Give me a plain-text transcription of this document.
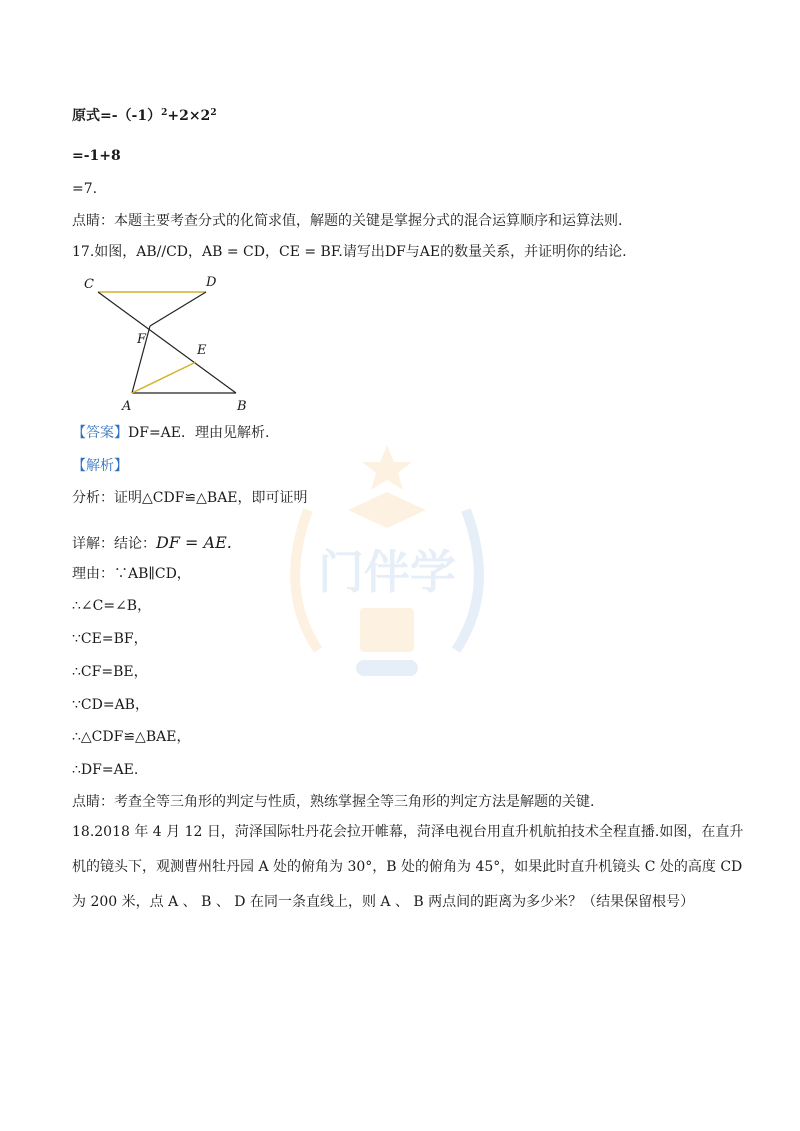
门伴学
原式$=-(-1)^2+2\times 2^2$
=-1+8
=7.
点睛：本题主要考查分式的化简求值，解题的关键是掌握分式的混合运算顺序和运算法则.
17.如图，AB//CD，AB = CD，CE = BF.请写出DF与AE的数量关系，并证明你的结论.
C	D
F
E
A	B
【答案】DF=AE．理由见解析.
【解析】
分析：证明△CDF≌△BAE，即可证明
详解：结论：DF = AE.
理由：∵AB∥CD，
∴∠C=∠B，
∵CE=BF，
∴CF=BE，
∵CD=AB，
∴△CDF≌△BAE，
∴DF=AE.
点睛：考查全等三角形的判定与性质，熟练掌握全等三角形的判定方法是解题的关键.
18.2018 年 4 月 12 日，菏泽国际牡丹花会拉开帷幕，菏泽电视台用直升机航拍技术全程直播.如图，在直升
机的镜头下，观测曹州牡丹园 A 处的俯角为 30°，B 处的俯角为 45°，如果此时直升机镜头 C 处的高度 CD
为 200 米，点 A 、 B 、 D 在同一条直线上，则 A 、 B 两点间的距离为多少米？（结果保留根号）
